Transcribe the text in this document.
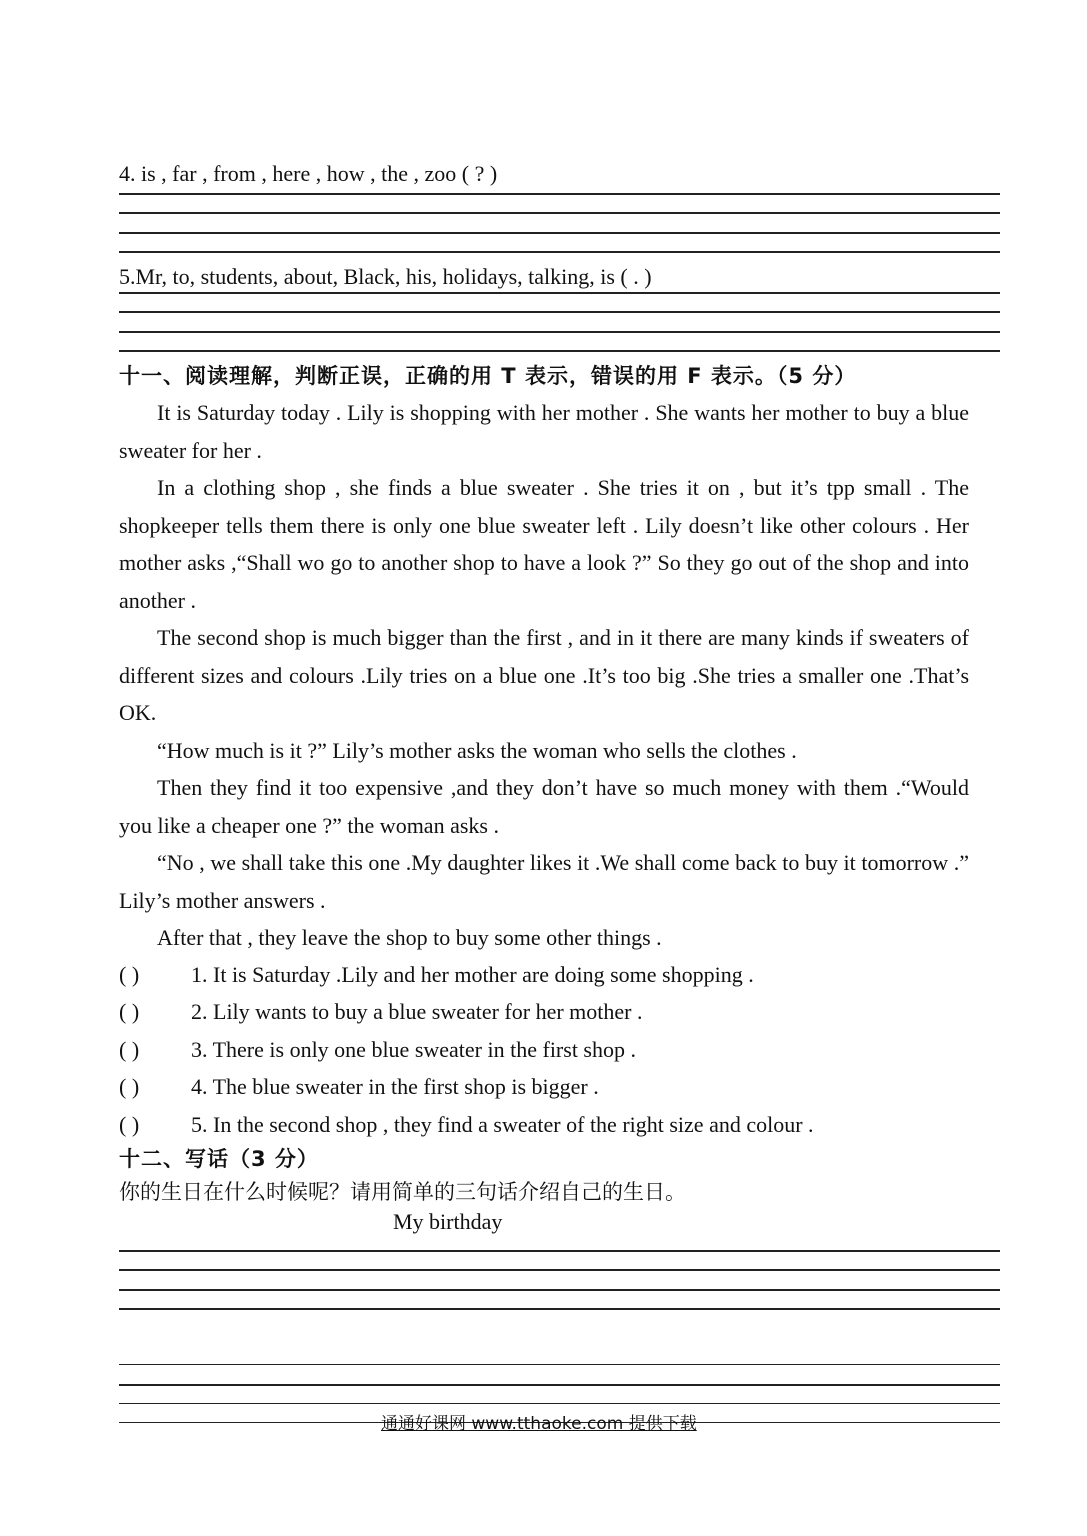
4. is , far , from , here , how , the , zoo ( ? )
5.Mr, to, students, about, Black, his, holidays, talking, is ( . )
十一、阅读理解，判断正误，正确的用 T 表示，错误的用 F 表示。（5 分）

It is Saturday today . Lily is shopping with her mother . She wants her mother to buy a blue sweater for her .

In a clothing shop , she finds a blue sweater . She tries it on , but it’s tpp small . The shopkeeper tells them there is only one blue sweater left . Lily doesn’t like other colours . Her mother asks ,“Shall wo go to another shop to have a look ?” So they go out of the shop and into another .

The second shop is much bigger than the first , and in it there are many kinds if sweaters of different sizes and colours .Lily tries on a blue one .It’s too big .She tries a smaller one .That’s OK.

“How much is it ?” Lily’s mother asks the woman who sells the clothes .

Then they find it too expensive ,and they don’t have so much money with them .“Would you like a cheaper one ?” the woman asks .

“No , we shall take this one .My daughter likes it .We shall come back to buy it tomorrow .” Lily’s mother answers .

After that , they leave the shop to buy some other things .

( ) 1. It is Saturday .Lily and her mother are doing some shopping .
( ) 2. Lily wants to buy a blue sweater for her mother .
( ) 3. There is only one blue sweater in the first shop .
( ) 4. The blue sweater in the first shop is bigger .
( ) 5. In the second shop , they find a sweater of the right size and colour .
十二、写话（3 分）
你的生日在什么时候呢？请用简单的三句话介绍自己的生日。
My birthday
通通好课网 www.tthaoke.com 提供下载
